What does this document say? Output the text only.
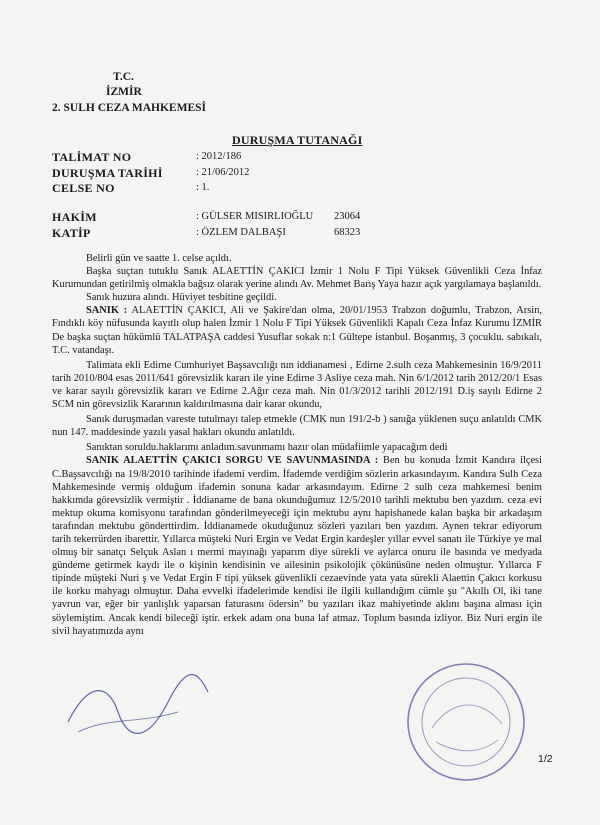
T.C.
İZMİR
2. SULH CEZA MAHKEMESİ
DURUŞMA TUTANAĞI
TALİMAT NO	: 2012/186
DURUŞMA TARİHİ	: 21/06/2012
CELSE NO	: 1.
HAKİM	: GÜLSER MISIRLIOĞLU 23064
KATİP	: ÖZLEM DALBAŞI	68323

Belirli gün ve saatte 1. celse açıldı.

Başka suçtan tutuklu Sanık ALAETTİN ÇAKICI İzmir 1 Nolu F Tipi Yüksek Güvenlikli Ceza İnfaz Kurumundan getirilmiş olmakla bağsız olarak yerine alındı Av. Mehmet Barış Yaya hazır açık yargılamaya başlanıldı.

Sanık huzura alındı. Hüviyet tesbitine geçildi.

SANIK : ALAETTİN ÇAKICI, Ali ve Şakire'dan olma, 20/01/1953 Trabzon doğumlu, Trabzon, Arsin, Fındıklı köy nüfusunda kayıtlı olup halen İzmir 1 Nolu F Tipi Yüksek Güvenlikli Kapalı Ceza İnfaz Kurumu İZMİR De başka suçtan hükümlü TALATPAŞA caddesi Yusuflar sokak n:1 Gültepe istanbul. Boşanmış, 3 çocuklu. sabıkalı, T.C. vatandaşı.

Talimata ekli Edirne Cumhuriyet Başsavcılığı nın iddianamesi , Edirne 2.sulh ceza Mahkemesinin 16/9/2011 tarih 2010/804 esas 2011/641 görevsizlik kararı ile yine Edirne 3 Asliye ceza mah. Nin 6/1/2012 tarih 2012/20/1 Esas ve karar sayılı görevsizlik kararı ve Edirne 2.Ağır ceza mah. Nin 01/3/2012 tarihli 2012/191 D.iş sayılı Edirne 2 SCM nin görevsizlik Kararının kaldırılmasına dair karar okundu,

Sanık duruşmadan vareste tutulmayı talep etmekle (CMK nun 191/2-b ) sanığa yüklenen suçu anlatıldı CMK nun 147. maddesinde yazılı yasal hakları okundu anlatıldı.

Sanıktan soruldu.haklarımı anladım.savunmamı hazır olan müdafiimle yapacağım dedi

SANIK ALAETTİN ÇAKICI SORGU VE SAVUNMASINDA : Ben bu konuda İzmit Kandıra ilçesi C.Başsavcılığı na 19/8/2010 tarihinde ifademi verdim. İfademde verdiğim sözlerin arkasındayım. Kandıra Sulh Ceza Mahkemesinde vermiş olduğum ifademin sonuna kadar arkasındayım. Edirne 2 sulh ceza mahkemesi benim hakkımda görevsizlik vermiştir . İddianame de bana okunduğumuz 12/5/2010 tarihli mektubu ben yazdım. ceza evi mektup okuma komisyonu tarafından gönderilmeyeceği için mektubu aynı hapishanede kalan başka bir arkadaşım tarafından mektubu gönderttirdim. İddianamede okuduğunuz sözleri yazıları ben yazdım. Aynen tekrar ediyorum tarih tekerrürden ibarettir. Yıllarca müşteki Nuri Ergin ve Vedat Ergin kardeşler yıllar evvel sanatı ile Türkiye ye mal olmuş bir sanatçı Selçuk Aslan ı mermi mayınağı yaparım diye sürekli ve aylarca onuru ile basında ve medyada gündeme getirmek kaydı ile o kişinin kendisinin ve ailesinin psikolojik çökünüsüne neden olmuştur. Yıllarca F tipinde müşteki Nuri ş ve Vedat Ergin F tipi yüksek güvenlikli cezaevinde yata yata sürekli Alaettin Çakıcı korkusu ile korku mahyagı olmuştur. Daha evvelki ifadelerimde kendisi ile ilgili kullandığım cümle şu "Akıllı Ol, iki tane yavrun var, eğer bir yanlışlık yaparsan faturasını ödersin" bu yazıları ikaz mahiyetinde aklını başına alması için söylemiştim. Ancak kendi bileceği iştir. erkek adam ona buna laf atmaz. Toplum basında izliyor. Biz Nuri ergin ile sivil hayatımızda aynı

1/2
